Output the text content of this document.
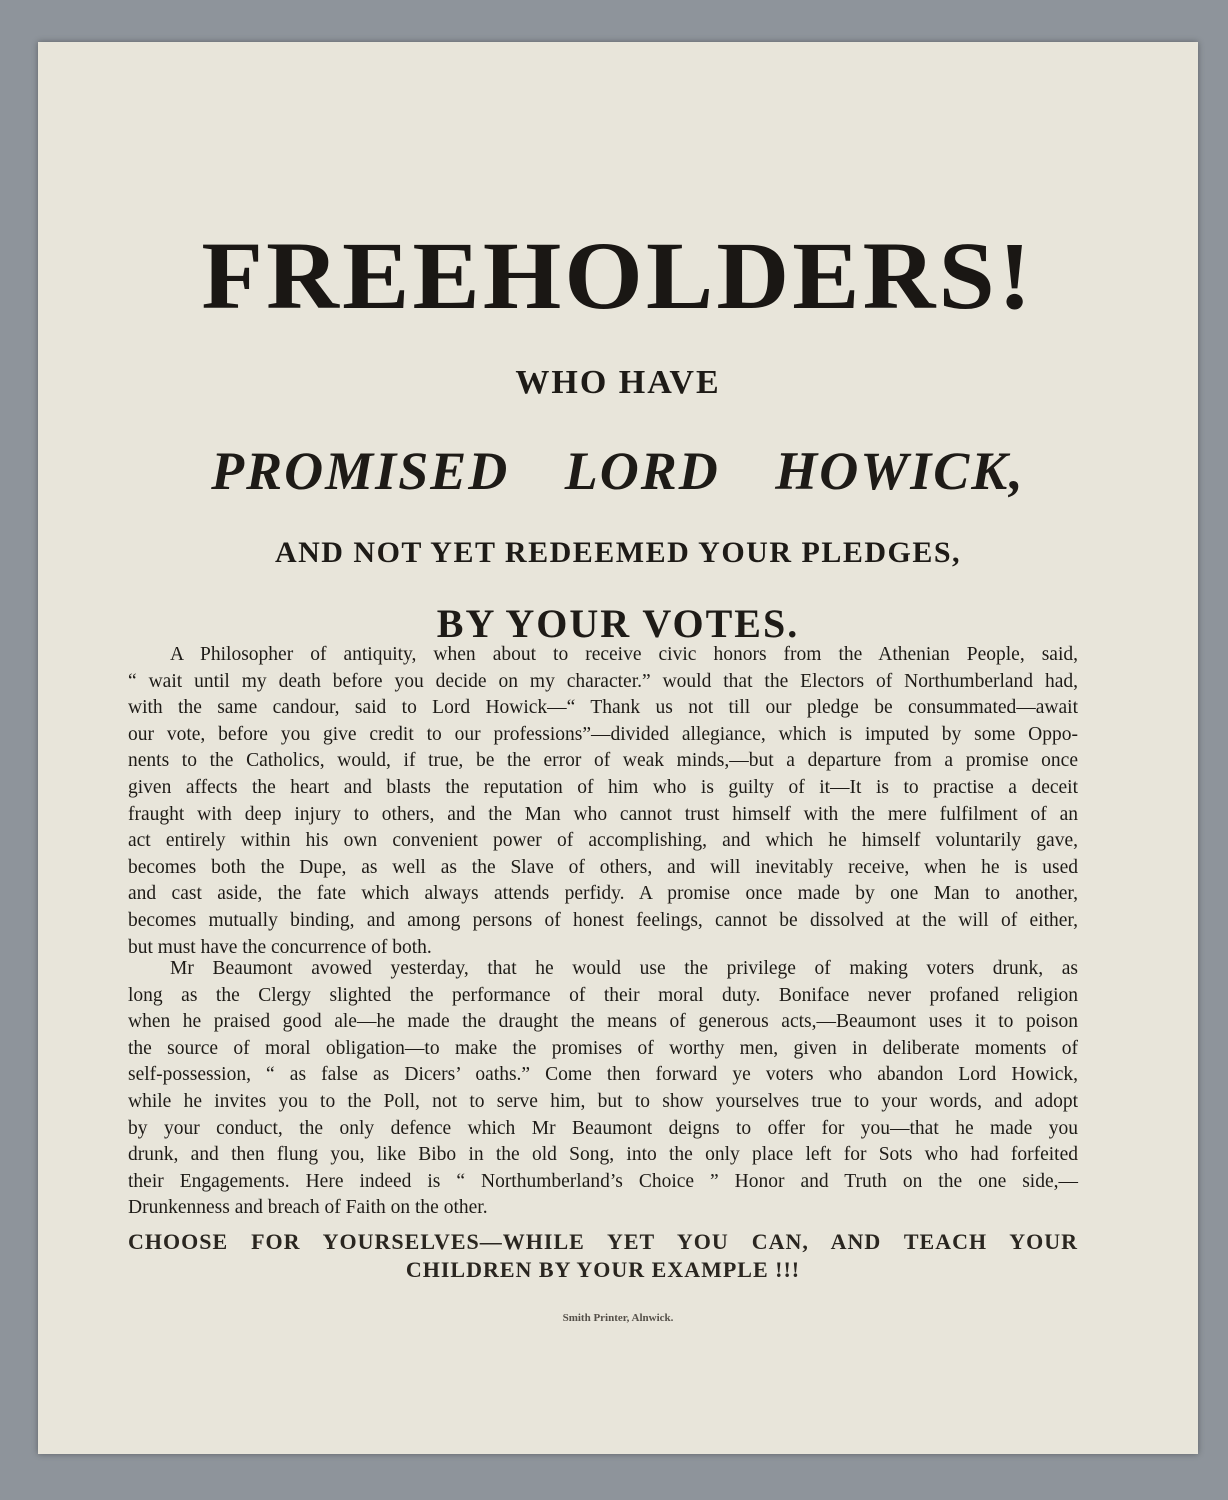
FREEHOLDERS!
WHO HAVE
PROMISED LORD HOWICK,
AND NOT YET REDEEMED YOUR PLEDGES,
BY YOUR VOTES.
A Philosopher of antiquity, when about to receive civic honors from the Athenian People, said,
“ wait until my death before you decide on my character.” would that the Electors of Northumberland had,
with the same candour, said to Lord Howick—“ Thank us not till our pledge be consummated—await
our vote, before you give credit to our professions”—divided allegiance, which is imputed by some Oppo-
nents to the Catholics, would, if true, be the error of weak minds,—but a departure from a promise once
given affects the heart and blasts the reputation of him who is guilty of it—It is to practise a deceit
fraught with deep injury to others, and the Man who cannot trust himself with the mere fulfilment of an
act entirely within his own convenient power of accomplishing, and which he himself voluntarily gave,
becomes both the Dupe, as well as the Slave of others, and will inevitably receive, when he is used
and cast aside, the fate which always attends perfidy. A promise once made by one Man to another,
becomes mutually binding, and among persons of honest feelings, cannot be dissolved at the will of either,
but must have the concurrence of both.
Mr Beaumont avowed yesterday, that he would use the privilege of making voters drunk, as
long as the Clergy slighted the performance of their moral duty. Boniface never profaned religion
when he praised good ale—he made the draught the means of generous acts,—Beaumont uses it to poison
the source of moral obligation—to make the promises of worthy men, given in deliberate moments of
self-possession, “ as false as Dicers’ oaths.” Come then forward ye voters who abandon Lord Howick,
while he invites you to the Poll, not to serve him, but to show yourselves true to your words, and adopt
by your conduct, the only defence which Mr Beaumont deigns to offer for you—that he made you
drunk, and then flung you, like Bibo in the old Song, into the only place left for Sots who had forfeited
their Engagements. Here indeed is “ Northumberland’s Choice ” Honor and Truth on the one side,—
Drunkenness and breach of Faith on the other.
CHOOSE FOR YOURSELVES—WHILE YET YOU CAN, AND TEACH YOUR
CHILDREN BY YOUR EXAMPLE !!!
Smith Printer, Alnwick.
